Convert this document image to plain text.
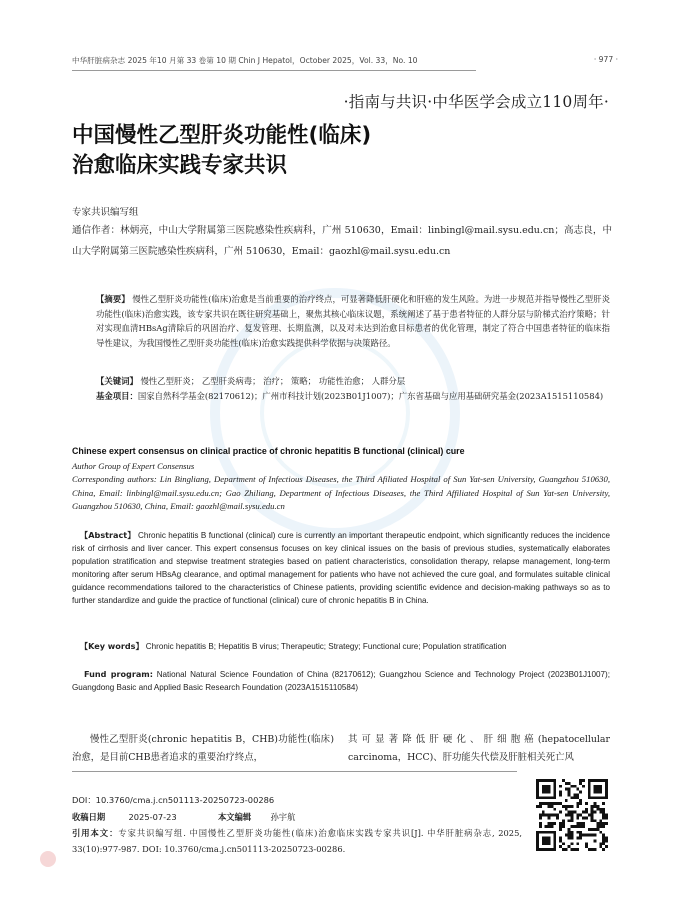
中华肝脏病杂志 2025 年10 月第 33 卷第 10 期 Chin J Hepatol，October 2025，Vol. 33，No. 10	· 977 ·
·指南与共识·中华医学会成立110周年·
中国慢性乙型肝炎功能性(临床)
治愈临床实践专家共识
专家共识编写组
通信作者：林炳亮，中山大学附属第三医院感染性疾病科，广州 510630，Email：linbingl@mail.sysu.edu.cn；高志良，中山大学附属第三医院感染性疾病科，广州 510630，Email：gaozhl@mail.sysu.edu.cn
【摘要】 慢性乙型肝炎功能性(临床)治愈是当前重要的治疗终点，可显著降低肝硬化和肝癌的发生风险。为进一步规范并指导慢性乙型肝炎功能性(临床)治愈实践，该专家共识在既往研究基础上，聚焦其核心临床议题，系统阐述了基于患者特征的人群分层与阶梯式治疗策略；针对实现血清HBsAg清除后的巩固治疗、复发管理、长期监测，以及对未达到治愈目标患者的优化管理，制定了符合中国患者特征的临床指导性建议，为我国慢性乙型肝炎功能性(临床)治愈实践提供科学依据与决策路径。
【关键词】 慢性乙型肝炎； 乙型肝炎病毒； 治疗； 策略； 功能性治愈； 人群分层
基金项目：国家自然科学基金(82170612)；广州市科技计划(2023B01J1007)；广东省基础与应用基础研究基金(2023A1515110584)
Chinese expert consensus on clinical practice of chronic hepatitis B functional (clinical) cure
Author Group of Expert Consensus
Corresponding authors: Lin Bingliang, Department of Infectious Diseases, the Third Afiliated Hospital of Sun Yat-sen University, Guangzhou 510630, China, Email: linbingl@mail.sysu.edu.cn; Gao Zhiliang, Department of Infectious Diseases, the Third Affiliated Hospital of Sun Yat-sen University, Guangzhou 510630, China, Email: gaozhl@mail.sysu.edu.cn
【Abstract】 Chronic hepatitis B functional (clinical) cure is currently an important therapeutic endpoint, which significantly reduces the incidence risk of cirrhosis and liver cancer. This expert consensus focuses on key clinical issues on the basis of previous studies, systematically elaborates population stratification and stepwise treatment strategies based on patient characteristics, consolidation therapy, relapse management, long-term monitoring after serum HBsAg clearance, and optimal management for patients who have not achieved the cure goal, and formulates suitable clinical guidance recommendations tailored to the characteristics of Chinese patients, providing scientific evidence and decision-making pathways so as to further standardize and guide the practice of functional (clinical) cure of chronic hepatitis B in China.
【Key words】 Chronic hepatitis B; Hepatitis B virus; Therapeutic; Strategy; Functional cure; Population stratification
Fund program: National Natural Science Foundation of China (82170612); Guangzhou Science and Technology Project (2023B01J1007); Guangdong Basic and Applied Basic Research Foundation (2023A1515110584)
慢性乙型肝炎(chronic hepatitis B，CHB)功能性(临床)治愈，是目前CHB患者追求的重要治疗终点，
其可显著降低肝硬化、肝细胞癌(hepatocellular carcinoma，HCC)、肝功能失代偿及肝脏相关死亡风
DOI：10.3760/cma.j.cn501113-20250723-00286
收稿日期	2025-07-23	本文编辑 孙宇航
引用本文：专家共识编写组. 中国慢性乙型肝炎功能性(临床)治愈临床实践专家共识[J]. 中华肝脏病杂志, 2025, 33(10):977-987. DOI: 10.3760/cma.j.cn501113-20250723-00286.
